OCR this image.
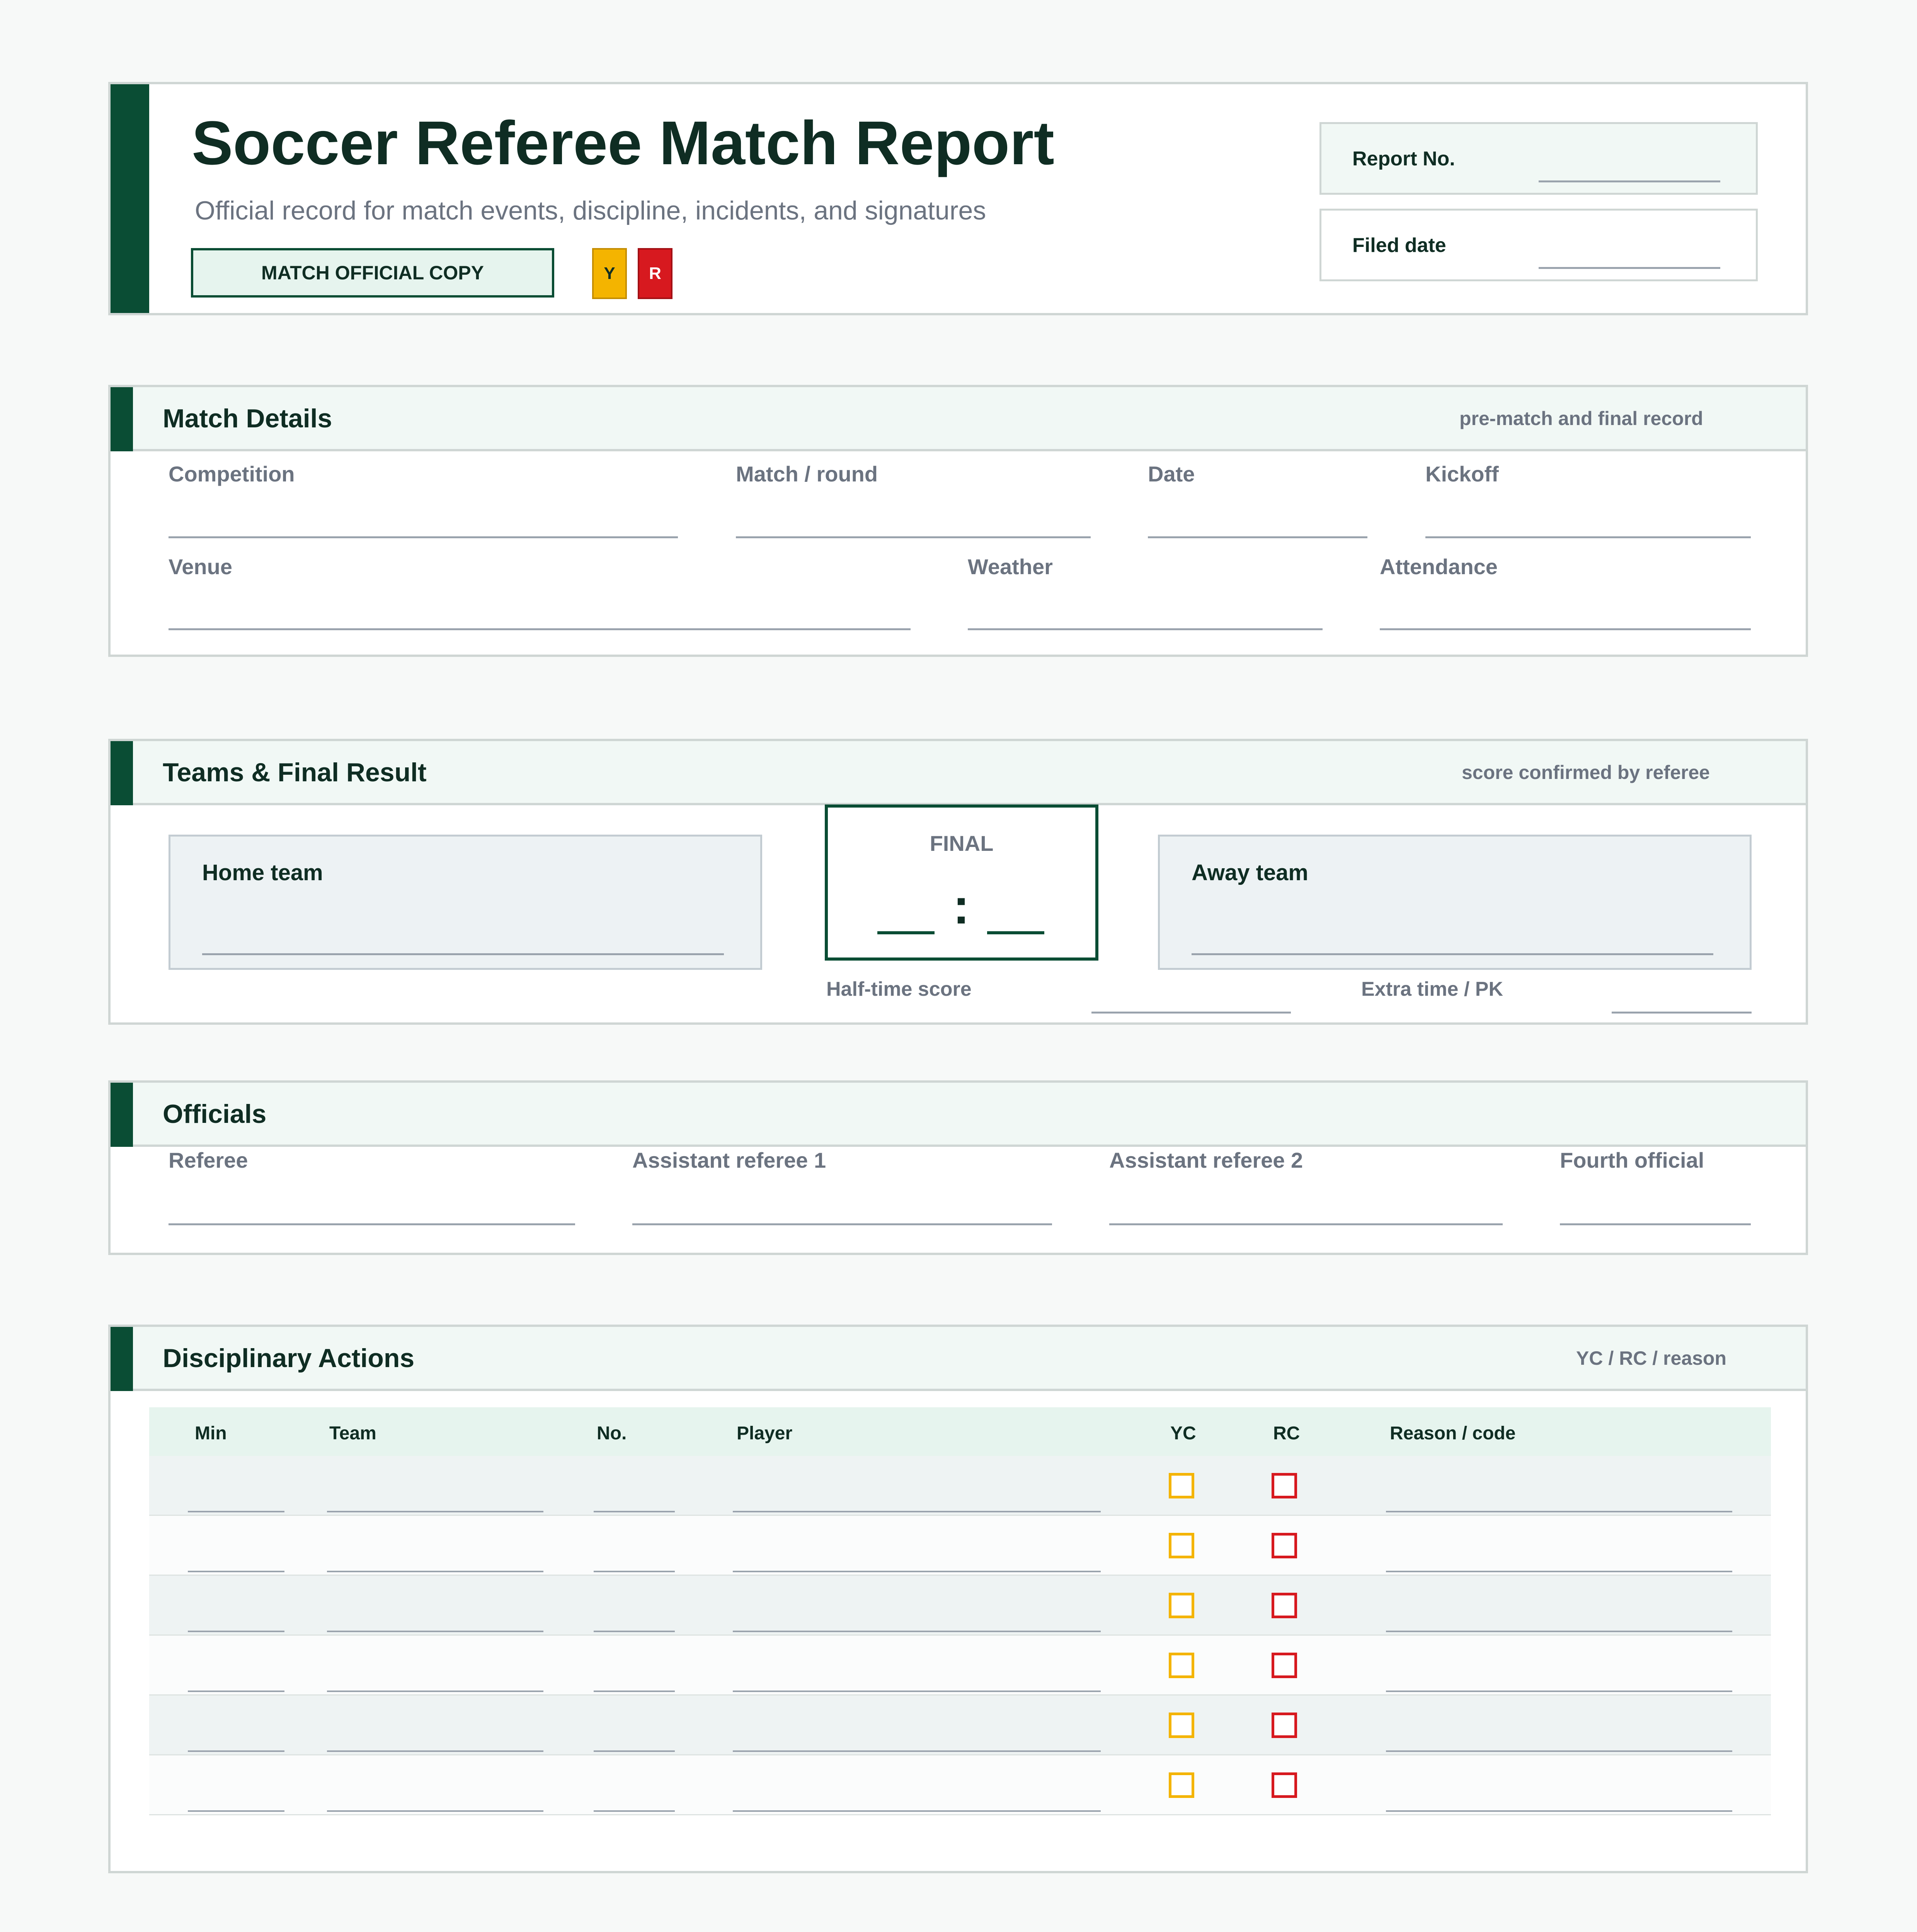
Soccer Referee Match Report
Official record for match events, discipline, incidents, and signatures
MATCH OFFICIAL COPY	Y	R
Report No.
Filed date
Match Details	pre-match and final record
Competition	Match / round	Date	Kickoff
Venue	Weather	Attendance
Teams & Final Result	score confirmed by referee
Home team
FINAL
:
Away team
Half-time score	Extra time / PK
Officials
Referee	Assistant referee 1	Assistant referee 2	Fourth official
Disciplinary Actions	YC / RC / reason
Min	Team	No.	Player	YC	RC	Reason / code
